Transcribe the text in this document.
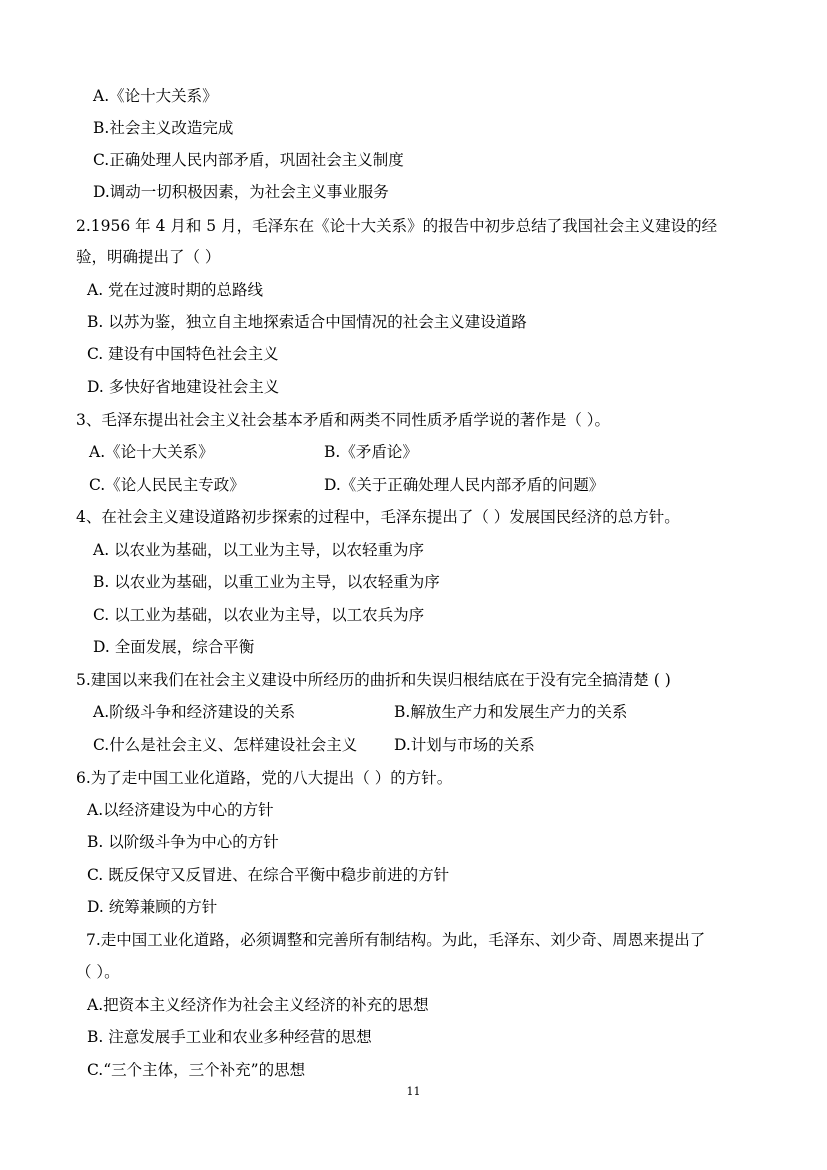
A.《论十大关系》
B.社会主义改造完成
C.正确处理人民内部矛盾，巩固社会主义制度
D.调动一切积极因素，为社会主义事业服务
2.1956 年 4 月和 5 月，毛泽东在《论十大关系》的报告中初步总结了我国社会主义建设的经
验，明确提出了（ ）
A. 党在过渡时期的总路线
B. 以苏为鉴，独立自主地探索适合中国情况的社会主义建设道路
C. 建设有中国特色社会主义
D. 多快好省地建设社会主义
3、毛泽东提出社会主义社会基本矛盾和两类不同性质矛盾学说的著作是（ ）。
A.《论十大关系》	B.《矛盾论》
C.《论人民民主专政》	D.《关于正确处理人民内部矛盾的问题》
4、在社会主义建设道路初步探索的过程中，毛泽东提出了（ ）发展国民经济的总方针。
A. 以农业为基础，以工业为主导，以农轻重为序
B. 以农业为基础，以重工业为主导，以农轻重为序
C. 以工业为基础，以农业为主导，以工农兵为序
D. 全面发展，综合平衡
5.建国以来我们在社会主义建设中所经历的曲折和失误归根结底在于没有完全搞清楚 ( )
A.阶级斗争和经济建设的关系	B.解放生产力和发展生产力的关系
C.什么是社会主义、怎样建设社会主义 D.计划与市场的关系
6.为了走中国工业化道路，党的八大提出（ ）的方针。
A.以经济建设为中心的方针
B. 以阶级斗争为中心的方针
C. 既反保守又反冒进、在综合平衡中稳步前进的方针
D. 统筹兼顾的方针
7.走中国工业化道路，必须调整和完善所有制结构。为此，毛泽东、刘少奇、周恩来提出了
（ ）。
A.把资本主义经济作为社会主义经济的补充的思想
B. 注意发展手工业和农业多种经营的思想
C.“三个主体，三个补充”的思想
11
